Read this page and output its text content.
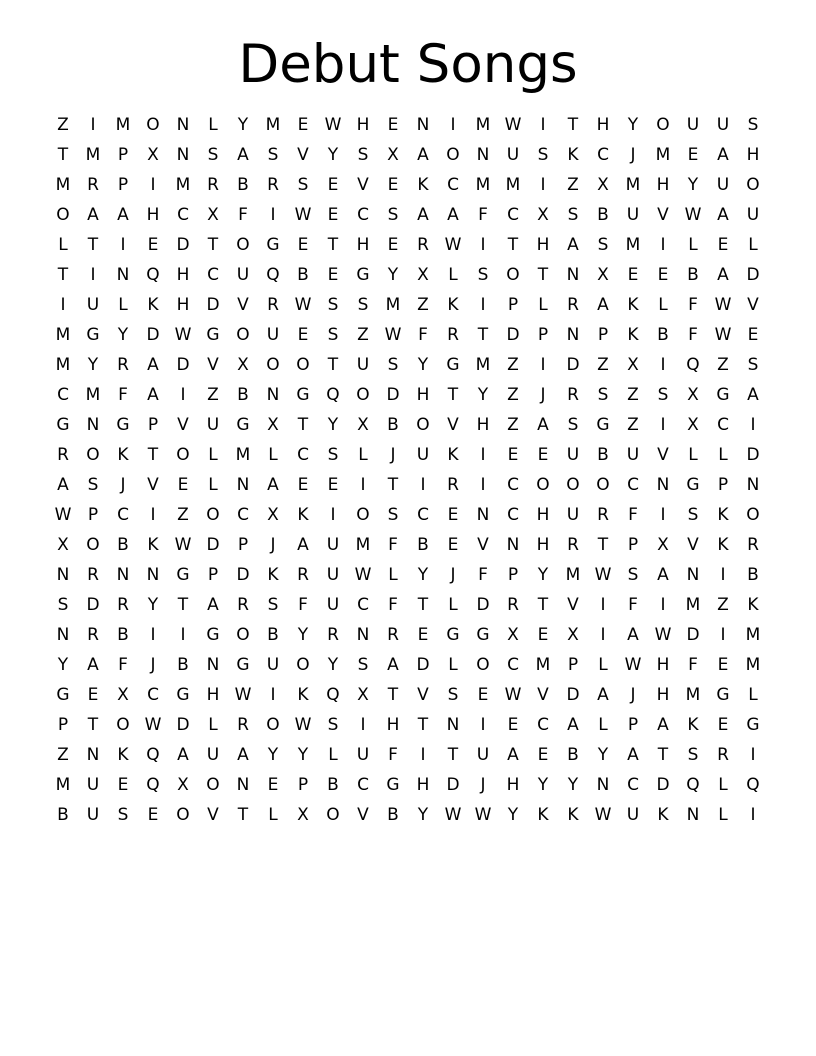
Debut Songs
Z	I	M O N	L	Y	M	E W H	E	N	I	M W	I	T	H	Y	O	U	U	S
T	M	P	X	N	S	A	S	V	Y	S	X	A	O N	U	S	K	C	J	M	E	A	H
M R	P	I	M R	B	R	S	E	V	E	K	C M M	I	Z	X M H	Y	U	O
O	A	A	H	C	X	F	I	W E	C	S	A	A	F	C	X	S	B	U	V W A	U
L	T	I	E	D	T	O G	E	T	H	E	R W	I	T	H	A	S	M	I	L	E	L
T	I	N Q H	C	U	Q	B	E	G	Y	X	L	S	O	T	N	X	E	E	B	A	D
I	U	L	K	H	D	V	R W S	S	M Z	K	I	P	L	R	A	K	L	F W V
M G	Y	D W G O	U	E	S	Z W F	R	T	D	P	N	P	K	B	F W E
M	Y	R	A	D	V	X	O O	T	U	S	Y	G M Z	I	D	Z	X	I	Q	Z	S
C M	F	A	I	Z	B	N	G Q O D	H	T	Y	Z	J	R	S	Z	S	X	G	A
G	N	G	P	V	U	G	X	T	Y	X	B	O	V	H	Z	A	S	G	Z	I	X	C	I
R	O	K	T	O	L	M	L	C	S	L	J	U	K	I	E	E	U	B	U	V	L	L	D
A	S	J	V	E	L	N	A	E	E	I	T	I	R	I	C	O O O	C	N	G	P	N
W P	C	I	Z	O	C	X	K	I	O	S	C	E	N	C	H	U	R	F	I	S	K	O
X	O	B	K W D	P	J	A	U M	F	B	E	V	N	H	R	T	P	X	V	K	R
N	R	N	N	G	P	D	K	R	U W L	Y	J	F	P	Y	M W S	A	N	I	B
S	D	R	Y	T	A	R	S	F	U	C	F	T	L	D	R	T	V	I	F	I	M Z	K
N	R	B	I	I	G O	B	Y	R	N	R	E	G G	X	E	X	I	A W D	I	M
Y	A	F	J	B	N	G	U	O	Y	S	A	D	L	O	C M	P	L W H	F	E	M
G	E	X	C	G	H W	I	K	Q	X	T	V	S	E W V	D	A	J	H M G	L
P	T	O W D	L	R	O W S	I	H	T	N	I	E	C	A	L	P	A	K	E	G
Z	N	K	Q	A	U	A	Y	Y	L	U	F	I	T	U	A	E	B	Y	A	T	S	R	I
M U	E	Q	X	O N	E	P	B	C	G	H	D	J	H	Y	Y	N	C	D Q	L	Q
B	U	S	E	O	V	T	L	X	O	V	B	Y W W Y	K	K W U	K	N	L	I
